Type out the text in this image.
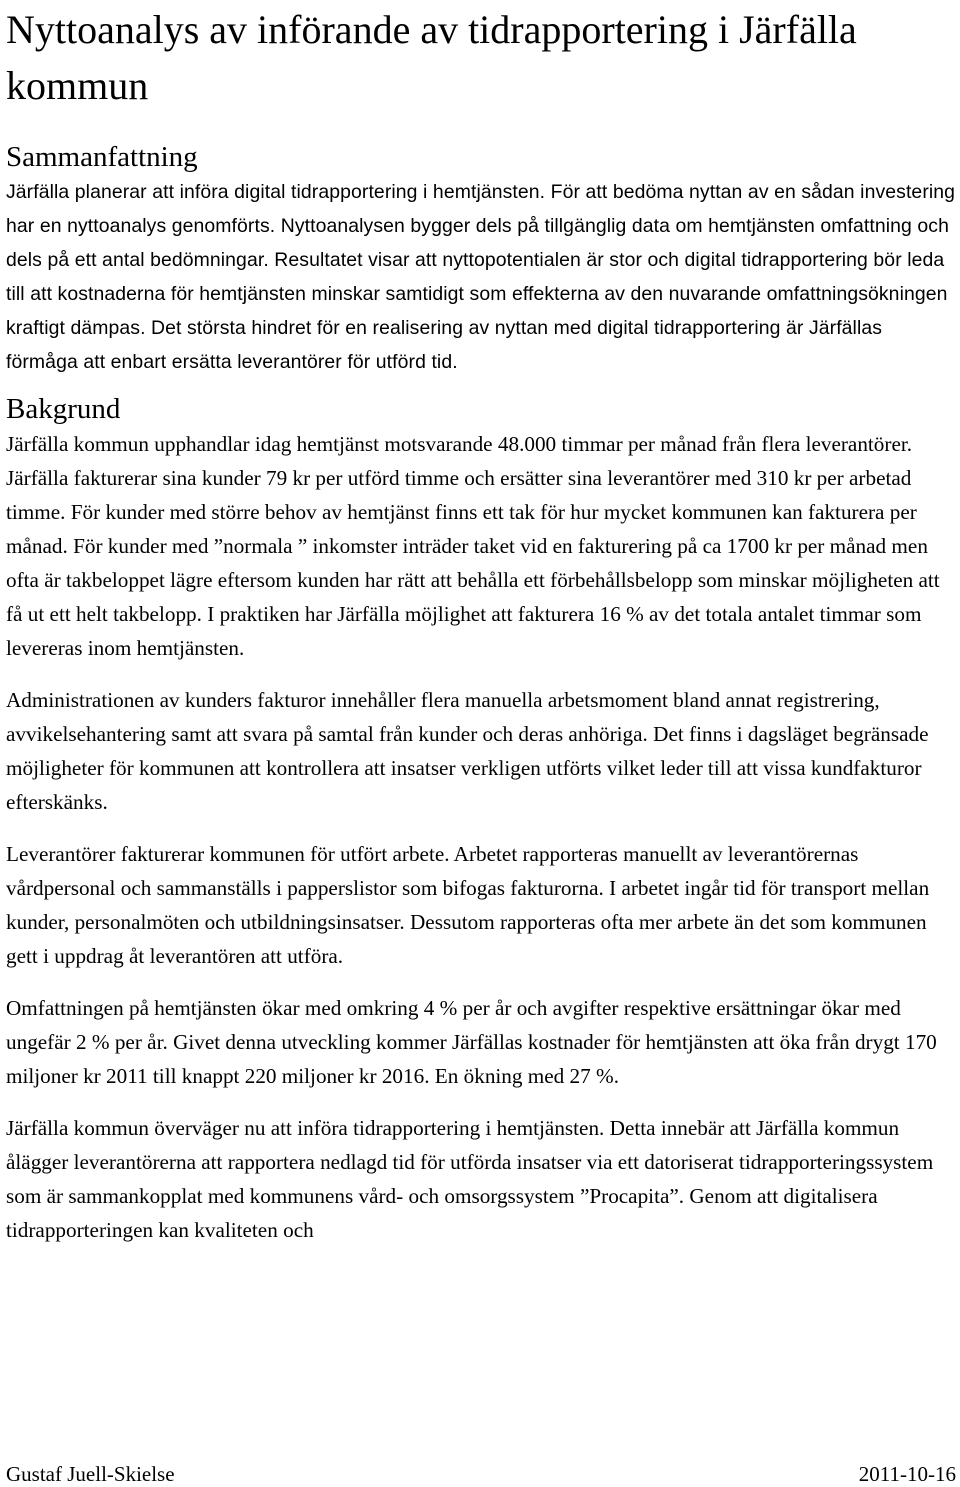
Nyttoanalys av införande av tidrapportering i Järfälla kommun
Sammanfattning

Järfälla planerar att införa digital tidrapportering i hemtjänsten. För att bedöma nyttan av en sådan investering har en nyttoanalys genomförts. Nyttoanalysen bygger dels på tillgänglig data om hemtjänsten omfattning och dels på ett antal bedömningar. Resultatet visar att nyttopotentialen är stor och digital tidrapportering bör leda till att kostnaderna för hemtjänsten minskar samtidigt som effekterna av den nuvarande omfattningsökningen kraftigt dämpas. Det största hindret för en realisering av nyttan med digital tidrapportering är Järfällas förmåga att enbart ersätta leverantörer för utförd tid.

Bakgrund

Järfälla kommun upphandlar idag hemtjänst motsvarande 48.000 timmar per månad från flera leverantörer. Järfälla fakturerar sina kunder 79 kr per utförd timme och ersätter sina leverantörer med 310 kr per arbetad timme. För kunder med större behov av hemtjänst finns ett tak för hur mycket kommunen kan fakturera per månad. För kunder med ”normala ” inkomster inträder taket vid en fakturering på ca 1700 kr per månad men ofta är takbeloppet lägre eftersom kunden har rätt att behålla ett förbehållsbelopp som minskar möjligheten att få ut ett helt takbelopp. I praktiken har Järfälla möjlighet att fakturera 16 % av det totala antalet timmar som levereras inom hemtjänsten.

Administrationen av kunders fakturor innehåller flera manuella arbetsmoment bland annat registrering, avvikelsehantering samt att svara på samtal från kunder och deras anhöriga. Det finns i dagsläget begränsade möjligheter för kommunen att kontrollera att insatser verkligen utförts vilket leder till att vissa kundfakturor efterskänks.

Leverantörer fakturerar kommunen för utfört arbete. Arbetet rapporteras manuellt av leverantörernas vårdpersonal och sammanställs i papperslistor som bifogas fakturorna. I arbetet ingår tid för transport mellan kunder, personalmöten och utbildningsinsatser. Dessutom rapporteras ofta mer arbete än det som kommunen gett i uppdrag åt leverantören att utföra.

Omfattningen på hemtjänsten ökar med omkring 4 % per år och avgifter respektive ersättningar ökar med ungefär 2 % per år. Givet denna utveckling kommer Järfällas kostnader för hemtjänsten att öka från drygt 170 miljoner kr 2011 till knappt 220 miljoner kr 2016. En ökning med 27 %.

Järfälla kommun överväger nu att införa tidrapportering i hemtjänsten. Detta innebär att Järfälla kommun ålägger leverantörerna att rapportera nedlagd tid för utförda insatser via ett datoriserat tidrapporteringssystem som är sammankopplat med kommunens vård- och omsorgssystem ”Procapita”. Genom att digitalisera tidrapporteringen kan kvaliteten och

Gustaf Juell-Skielse	2011-10-16
